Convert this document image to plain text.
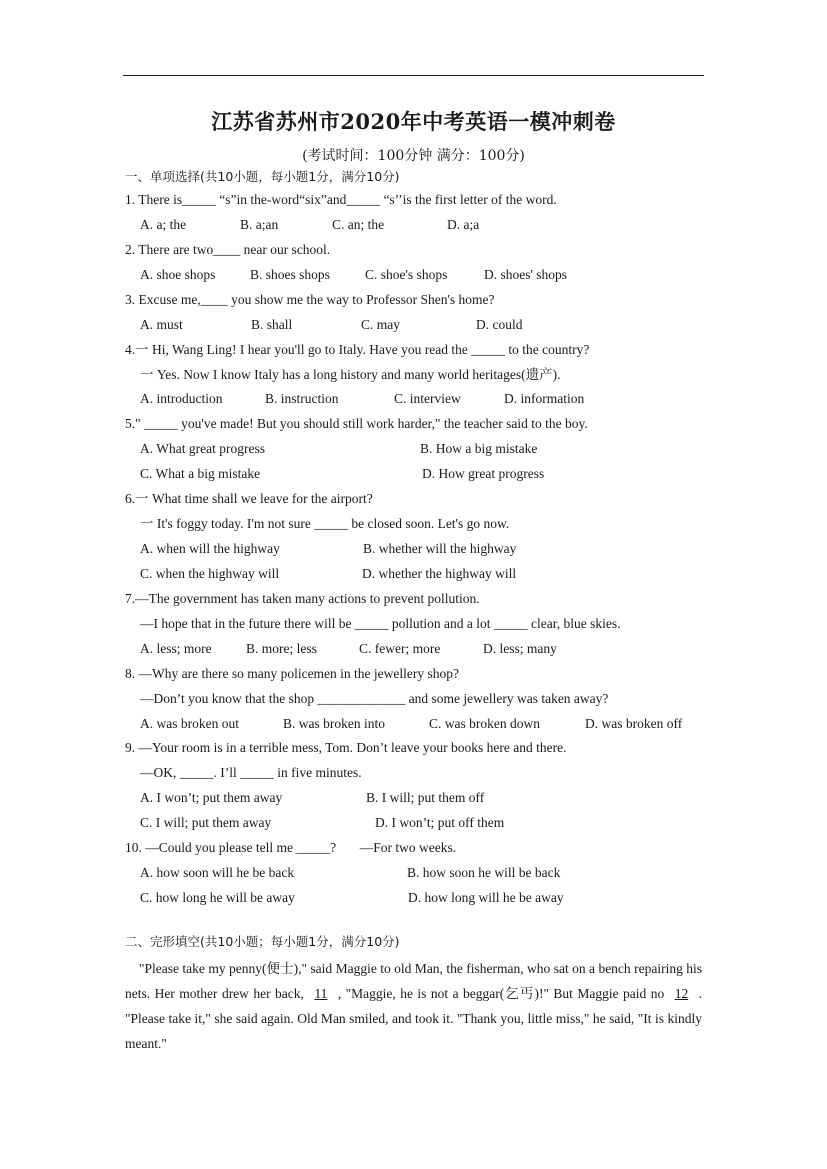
江苏省苏州市2020年中考英语一模冲刺卷
(考试时间：100分钟 满分：100分)
一、单项选择(共10小题，每小题1分，满分10分)
1. There is_____ “s”in the-word“six”and_____ “s’’is the first letter of the word.
A. a; the	B. a;an	C. an; the	D. a;a
2. There are two____ near our school.
A. shoe shops	B. shoes shops	C. shoe's shops	D. shoes' shops
3. Excuse me,____ you show me the way to Professor Shen's home?
A. must	B. shall	C. may	D. could
4.一 Hi, Wang Ling! I hear you'll go to Italy. Have you read the _____ to the country?
一 Yes. Now I know Italy has a long history and many world heritages(遗产).
A. introduction	B. instruction	C. interview	D. information
5." _____ you've made! But you should still work harder," the teacher said to the boy.
A. What great progress	B. How a big mistake
C. What a big mistake	D. How great progress
6.一 What time shall we leave for the airport?
一 It's foggy today. I'm not sure _____ be closed soon. Let's go now.
A. when will the highway	B. whether will the highway
C. when the highway will	D. whether the highway will
7.—The government has taken many actions to prevent pollution.
—I hope that in the future there will be _____ pollution and a lot _____ clear, blue skies.
A. less; more	B. more; less	C. fewer; more	D. less; many
8. —Why are there so many policemen in the jewellery shop?
—Don’t you know that the shop _____________ and some jewellery was taken away?
A. was broken out	B. was broken into	C. was broken down	D. was broken off
9. —Your room is in a terrible mess, Tom. Don’t leave your books here and there.
—OK, _____. I’ll _____ in five minutes.
A. I won’t; put them away	B. I will; put them off
C. I will; put them away	D. I won’t; put off them
10. —Could you please tell me _____?       —For two weeks.
A. how soon will he be back	B. how soon he will be back
C. how long he will be away	D. how long will he be away
二、完形填空(共10小题；每小题1分，满分10分)

"Please take my penny(便士)," said Maggie to old Man, the fisherman, who sat on a bench repairing his nets. Her mother drew her back, 11 , "Maggie, he is not a beggar(乞丐)!" But Maggie paid no 12 . "Please take it," she said again. Old Man smiled, and took it. "Thank you, little miss," he said, "It is kindly meant."
